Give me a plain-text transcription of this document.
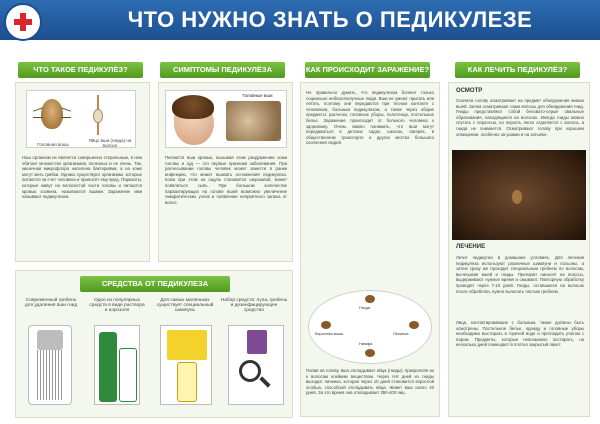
ЧТО НУЖНО ЗНАТЬ О ПЕДИКУЛЕЗЕ
ЧТО ТАКОЕ ПЕДИКУЛЁЗ?	СИМПТОМЫ ПЕДИКУЛЁЗА	КАК ПРОИСХОДИТ ЗАРАЖЕНИЕ?	КАК ЛЕЧИТЬ ПЕДИКУЛЁЗ?
Головная вошь
Яйцо вши (гнида) на волосе
Наш организм не является совершенно стерильным, в нем обитает множество организмов, полезных и не очень. Так, кишечная микрофлора населена бактериями, а на коже могут жить грибки. Однако существуют организмы, которые питаются за счет человека и приносят ему вред. Паразиты, которые живут на волосистой части головы и питаются кровью хозяина, называются вшами. Заражение ими называют педикулезом.
Головные вши
Питаются вши кровью, вызывая этим раздражение кожи головы и зуд — это первые признаки заболевания. При расчесывании головы человек может занести в ранки инфекцию, что может вызвать осложнения педикулеза. Кожа при этом на ощупь становится шершавой, может появляться сыпь. При большом количестве паразитирующих на голове вшей возможно увеличение лимфатических узлов и появление неприятного запаха от волос.
Не правильно думать, что педикулезом болеют только социально неблагополучные люди. Вши не умеют прыгать или летать, поэтому они передаются при тесном контакте с человеком, больным педикулезом, а также через общие предметы: расчески, головные уборы, полотенца, постельное белье. Заражение происходит от больного человека к здоровому. Очень важно понимать, что вши могут передаваться в детских садах, школах, лагерях, в общественном транспорте и других местах большого скопления людей.
Гнида
Личинка
Нимфа
Взрослая вошь
Попав на голову, вша откладывает яйца (гниды), прикрепляя их к волосам клейким веществом. Через 6-8 дней из гниды выходит личинка, которая через 10 дней становится взрослой особью, способной откладывать яйца. Живет вша около 40 дней. За это время она откладывает 350-400 яиц.
ОСМОТР
Сначала голову осматривают на предмет обнаружения живых вшей. Затем осматривают сами волосы для обнаружения гнид. Гниды представляют собой беловато-серые овальные образования, находящиеся на волосах. Иногда гниды можно спутать с перхотью, но перхоть легко отделяется с волоса, а гнида не снимается. Осматривают голову при хорошем освещении, особенно за ушами и на затылке.
ЛЕЧЕНИЕ
Лечит педикулез в домашних условиях. Для лечения педикулеза используют различные шампуни и лосьоны, а затем сразу же проходит специальным гребнем по волосам, вычесывая вшей и гниды. Препарат наносят на волосы, выдерживают нужное время и смывают. Повторную обработку проводят через 7-10 дней. Гниды, оставшиеся на волосах после обработки, нужно вычесать частым гребнем.
Лица, контактировавшие с больным, также должны быть осмотрены. Постельное белье, одежду и головные уборы необходимо выстирать в горячей воде и прогладить утюгом с паром. Предметы, которые невозможно постирать, на несколько дней помещают в плотно закрытый пакет.
СРЕДСТВА ОТ ПЕДИКУЛЕЗА
Современный гребень для удаления вши гнид
Одно из популярных средств в виде раствора и аэрозоля
Для самых маленьких существует специальный шампунь
Набор средств: лупа, гребень и дезинфицирующее средство
